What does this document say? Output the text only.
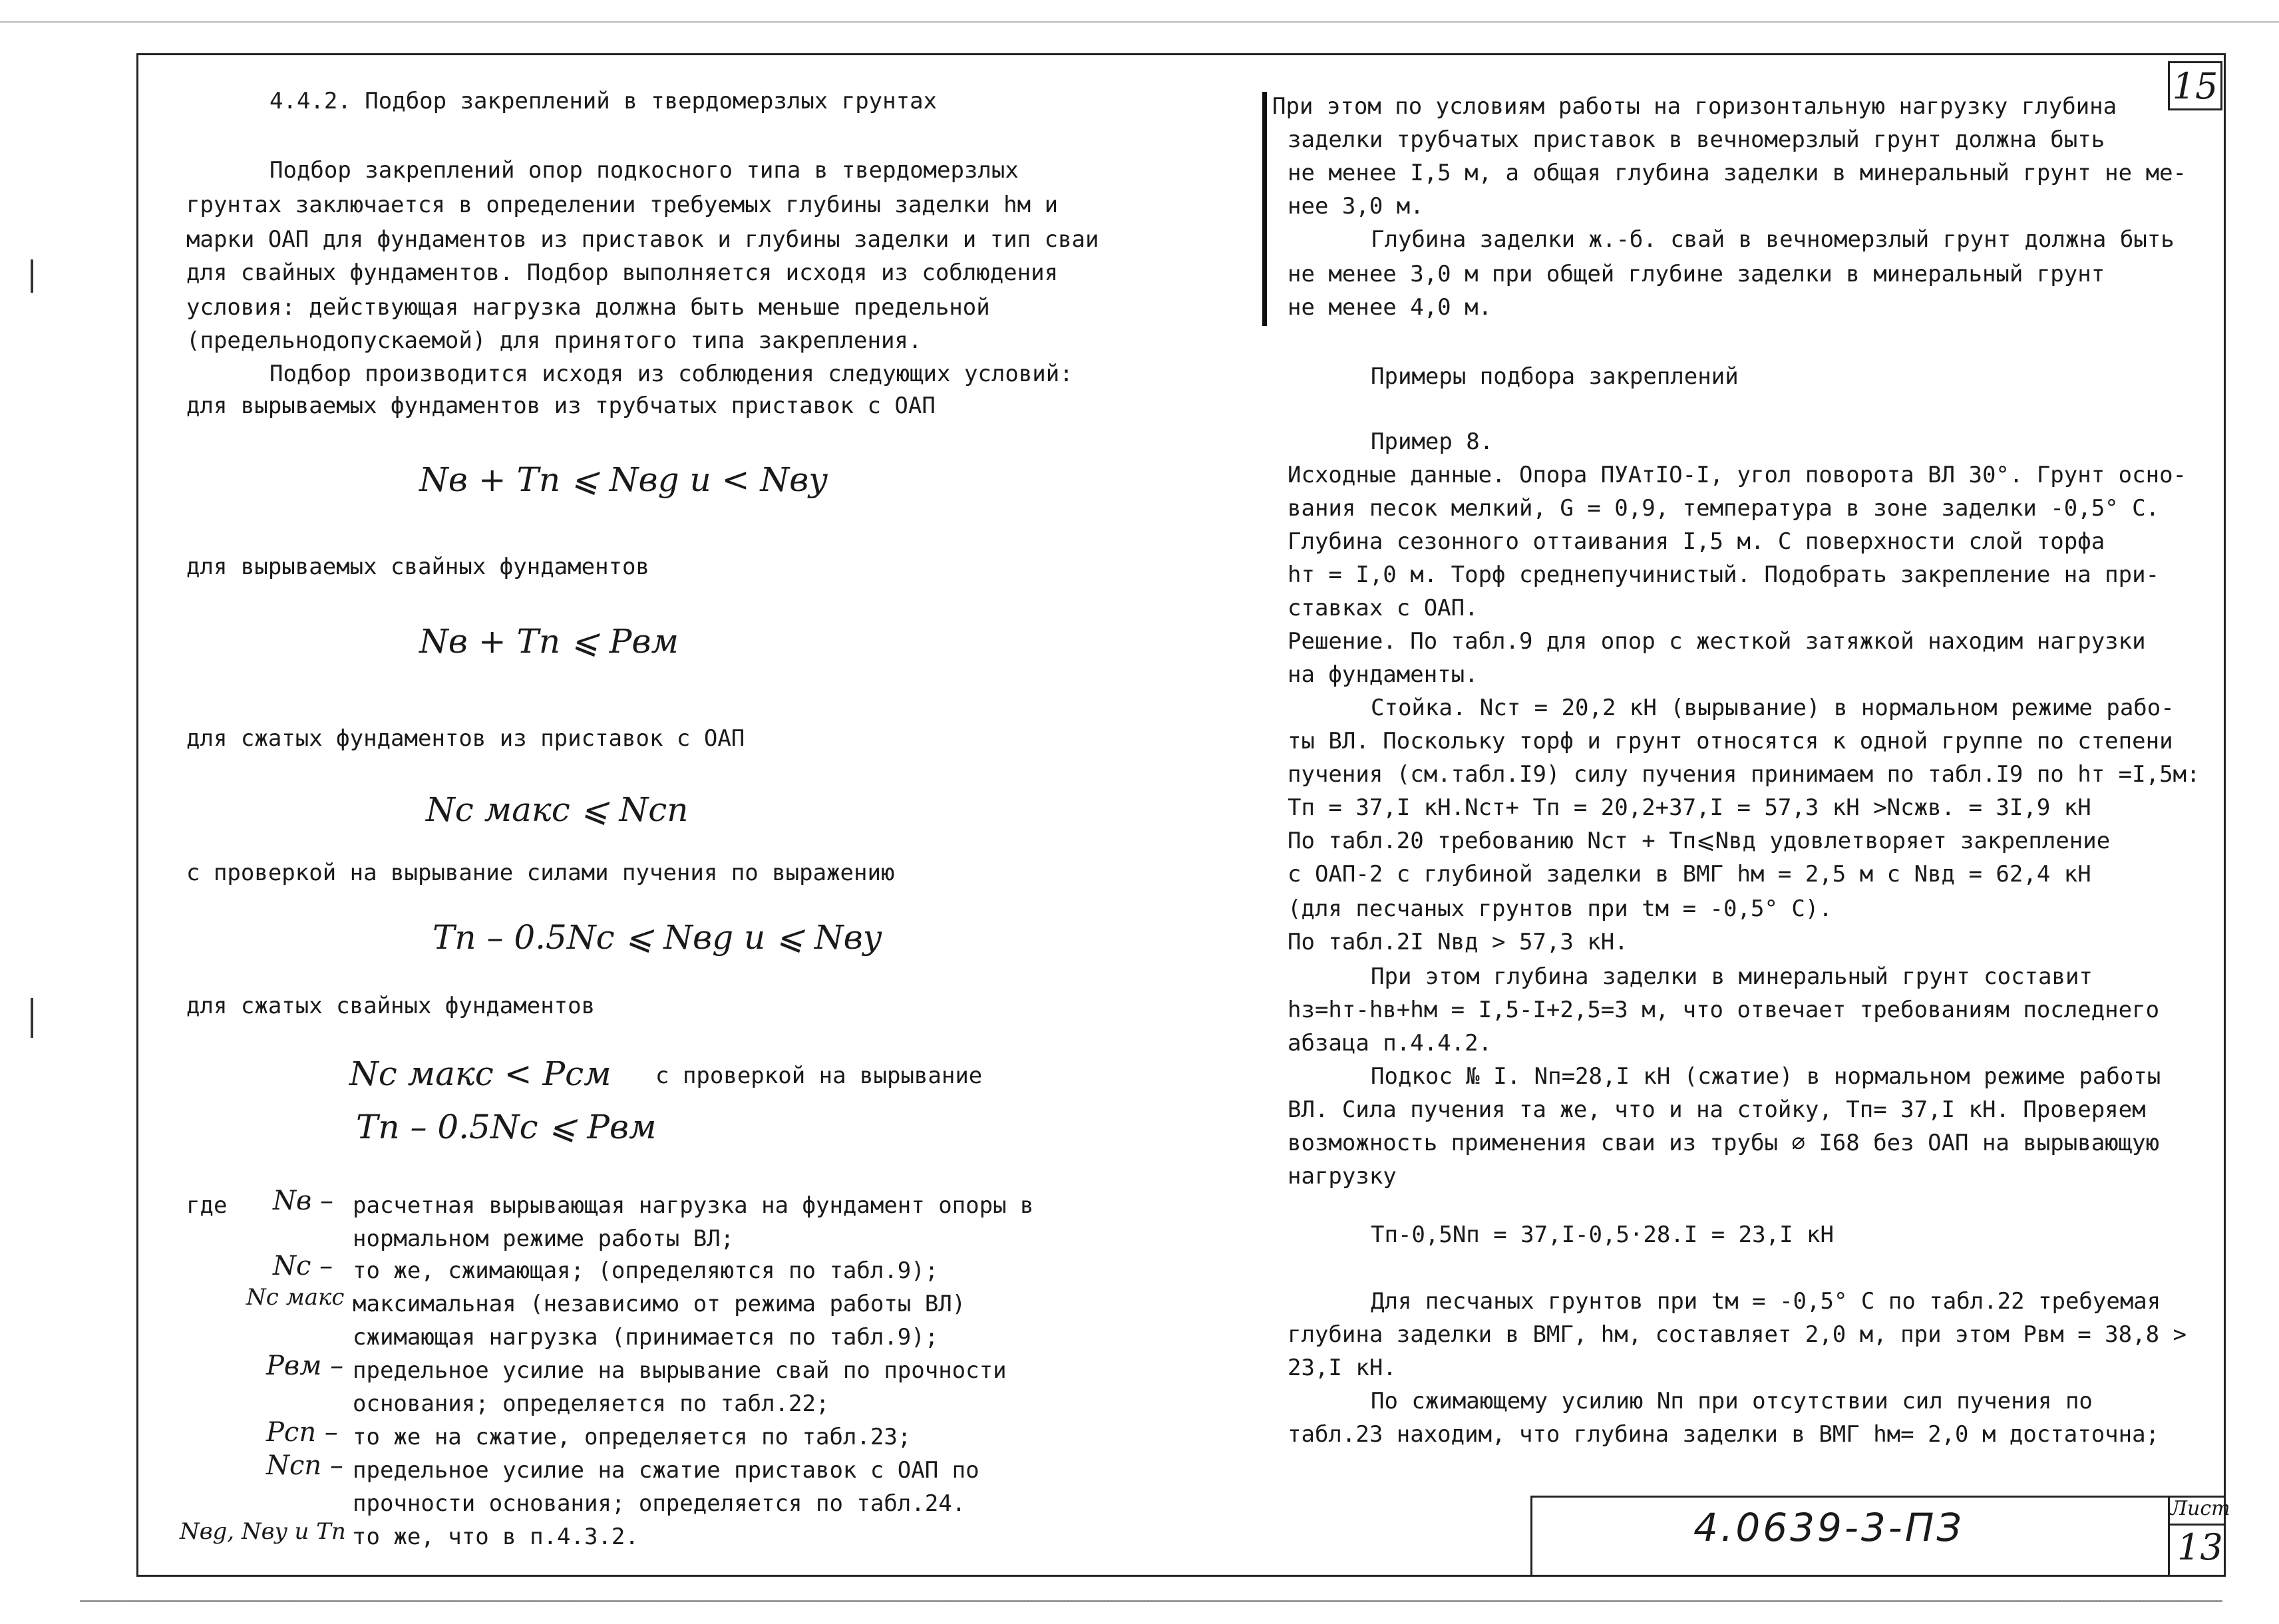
15
4.4.2. Подбор закреплений в твердомерзлых грунтах
Подбор закреплений опор подкосного типа в твердомерзлых
грунтах заключается в определении требуемых глубины заделки hм и
марки ОАП для фундаментов из приставок и глубины заделки и тип сваи
для свайных фундаментов. Подбор выполняется исходя из соблюдения
условия: действующая нагрузка должна быть меньше предельной
(предельнодопускаемой) для принятого типа закрепления.
Подбор производится исходя из соблюдения следующих условий:
для вырываемых фундаментов из трубчатых приставок с ОАП
Nв + Тп ⩽ Nвg и < Nвy
для вырываемых свайных фундаментов
Nв + Тп ⩽ Pвм
для сжатых фундаментов из приставок с ОАП
Nс макс ⩽ Nсп
с проверкой на вырывание силами пучения по выражению
Тп – 0.5Nс ⩽ Nвg и ⩽ Nвy
для сжатых свайных фундаментов
Nс макс < Pсм с проверкой на вырывание
Тп – 0.5Nс ⩽ Pвм
где Nв – расчетная вырывающая нагрузка на фундамент опоры в
нормальном режиме работы ВЛ;
Nс – то же, сжимающая; (определяются по табл.9);
Nс макс максимальная (независимо от режима работы ВЛ)
сжимающая нагрузка (принимается по табл.9);
Pвм – предельное усилие на вырывание свай по прочности
основания; определяется по табл.22;
Pсп – то же на сжатие, определяется по табл.23;
Nсп – предельное усилие на сжатие приставок с ОАП по
прочности основания; определяется по табл.24.
Nвg, Nвy и Тп –
то же, что в п.4.3.2.
При этом по условиям работы на горизонтальную нагрузку глубина
заделки трубчатых приставок в вечномерзлый грунт должна быть
не менее I,5 м, а общая глубина заделки в минеральный грунт не ме-
нее 3,0 м.
Глубина заделки ж.-б. свай в вечномерзлый грунт должна быть
не менее 3,0 м при общей глубине заделки в минеральный грунт
не менее 4,0 м.
Примеры подбора закреплений
Пример 8.
Исходные данные. Опора ПУАтIO-I, угол поворота ВЛ 30°. Грунт осно-
вания песок мелкий, G = 0,9, температура в зоне заделки -0,5° С.
Глубина сезонного оттаивания I,5 м. С поверхности слой торфа
hт = I,0 м. Торф среднепучинистый. Подобрать закрепление на при-
ставках с ОАП.
Решение. По табл.9 для опор с жесткой затяжкой находим нагрузки
на фундаменты.
Стойка. Nст = 20,2 кН (вырывание) в нормальном режиме рабо-
ты ВЛ. Поскольку торф и грунт относятся к одной группе по степени
пучения (см.табл.I9) силу пучения принимаем по табл.I9 по hт =I,5м:
Тп = 37,I кН.Nст+ Тп = 20,2+37,I = 57,3 кН >Nсжв. = 3I,9 кН
По табл.20 требованию Nст + Тп⩽Nвд удовлетворяет закрепление
с ОАП-2 с глубиной заделки в ВМГ hм = 2,5 м с Nвд = 62,4 кН
(для песчаных грунтов при tм = -0,5° С).
По табл.2I Nвд > 57,3 кН.
При этом глубина заделки в минеральный грунт составит
hз=hт-hв+hм = I,5-I+2,5=3 м, что отвечает требованиям последнего
абзаца п.4.4.2.
Подкос № I. Nп=28,I кН (сжатие) в нормальном режиме работы
ВЛ. Сила пучения та же, что и на стойку, Тп= 37,I кН. Проверяем
возможность применения сваи из трубы ∅ I68 без ОАП на вырывающую
нагрузку
Тп-0,5Nп = 37,I-0,5·28.I = 23,I кН
Для песчаных грунтов при tм = -0,5° С по табл.22 требуемая
глубина заделки в ВМГ, hм, составляет 2,0 м, при этом Pвм = 38,8 >
23,I кН.
По сжимающему усилию Nп при отсутствии сил пучения по
табл.23 находим, что глубина заделки в ВМГ hм= 2,0 м достаточна;
4.0639-3-ПЗ	Лист
13
